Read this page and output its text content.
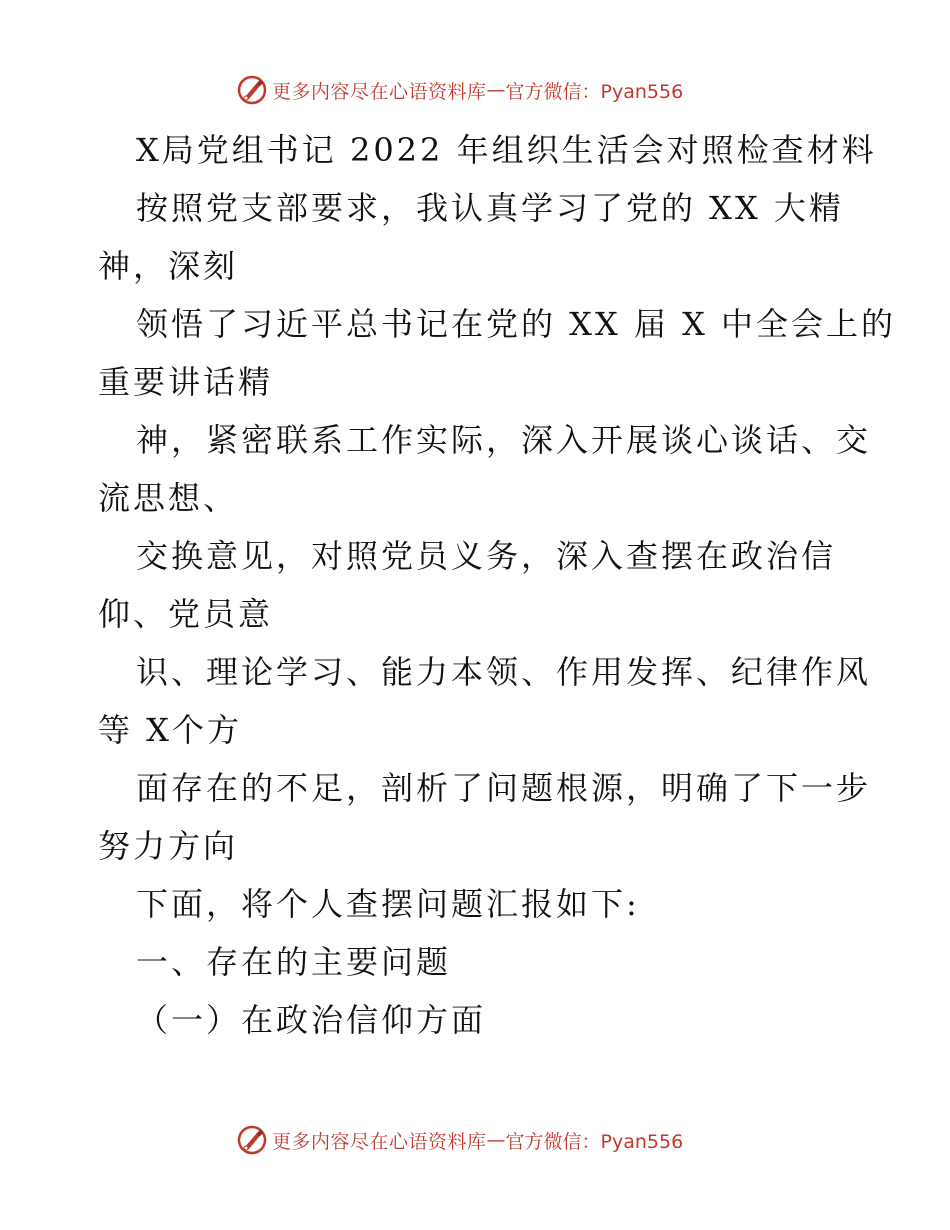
更多内容尽在心语资料库 — 官方微信：Pyan556
X局党组书记 2022 年组织生活会对照检查材料
按照党支部要求，我认真学习了党的 XX 大精
神，深刻
领悟了习近平总书记在党的 XX 届 X 中全会上的
重要讲话精
神，紧密联系工作实际，深入开展谈心谈话、交
流思想、
交换意见，对照党员义务，深入查摆在政治信
仰、党员意
识、理论学习、能力本领、作用发挥、纪律作风
等 X个方
面存在的不足，剖析了问题根源，明确了下一步
努力方向
下面，将个人查摆问题汇报如下:
一、存在的主要问题
（一）在政治信仰方面
更多内容尽在心语资料库 — 官方微信：Pyan556
